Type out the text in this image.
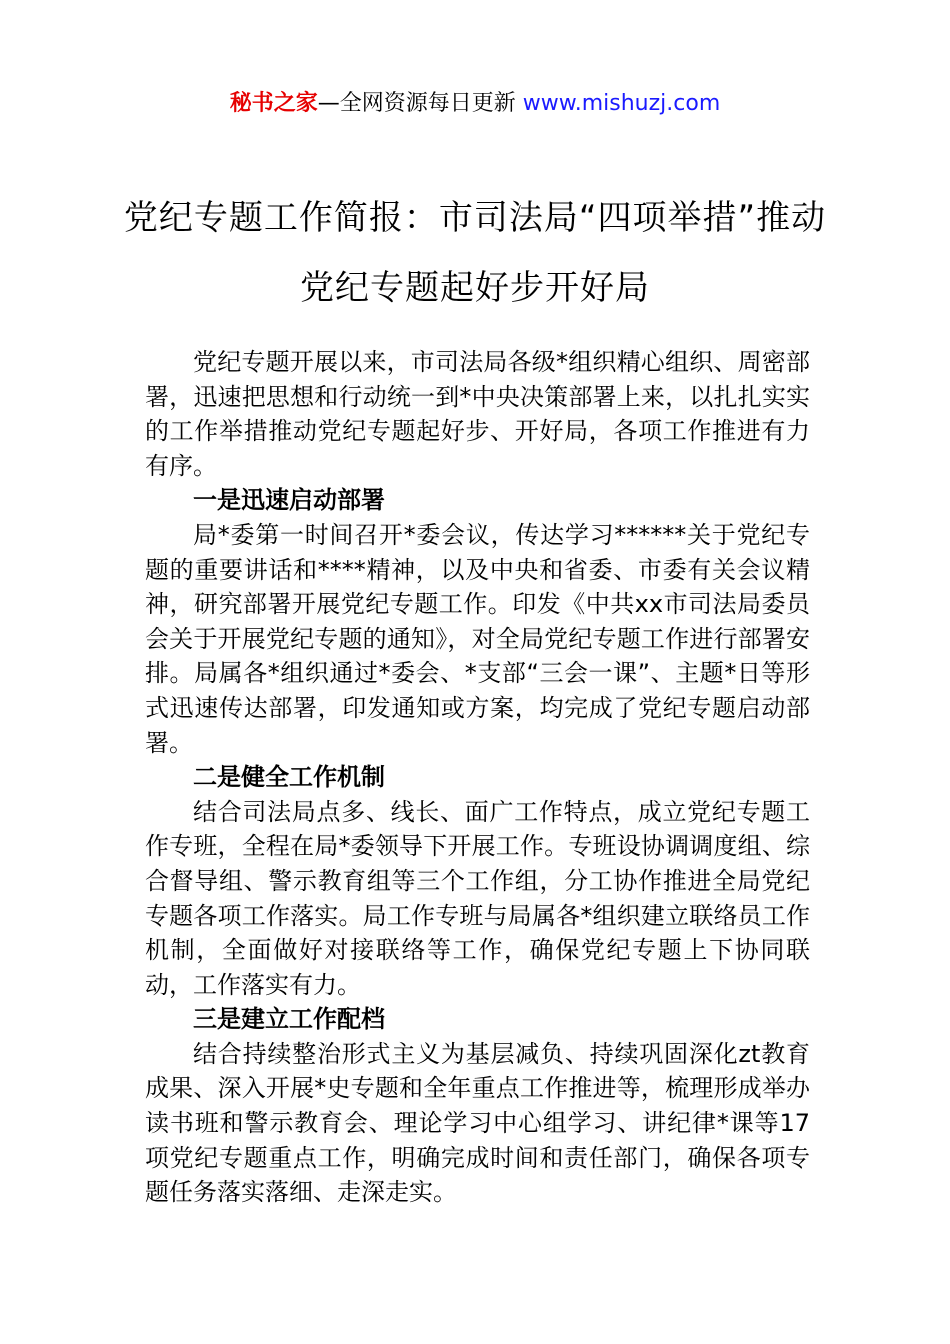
秘书之家—全网资源每日更新 www.mishuzj.com
党纪专题工作简报：市司法局“四项举措”推动党纪专题起好步开好局

党纪专题开展以来，市司法局各级*组织精心组织、周密部署，迅速把思想和行动统一到*中央决策部署上来，以扎扎实实的工作举措推动党纪专题起好步、开好局，各项工作推进有力有序。

一是迅速启动部署

局*委第一时间召开*委会议，传达学习******关于党纪专题的重要讲话和****精神，以及中央和省委、市委有关会议精神，研究部署开展党纪专题工作。印发《中共xx市司法局委员会关于开展党纪专题的通知》，对全局党纪专题工作进行部署安排。局属各*组织通过*委会、*支部“三会一课”、主题*日等形式迅速传达部署，印发通知或方案，均完成了党纪专题启动部署。

二是健全工作机制

结合司法局点多、线长、面广工作特点，成立党纪专题工作专班，全程在局*委领导下开展工作。专班设协调调度组、综合督导组、警示教育组等三个工作组，分工协作推进全局党纪专题各项工作落实。局工作专班与局属各*组织建立联络员工作机制，全面做好对接联络等工作，确保党纪专题上下协同联动，工作落实有力。

三是建立工作配档

结合持续整治形式主义为基层减负、持续巩固深化zt教育成果、深入开展*史专题和全年重点工作推进等，梳理形成举办读书班和警示教育会、理论学习中心组学习、讲纪律*课等17项党纪专题重点工作，明确完成时间和责任部门，确保各项专题任务落实落细、走深走实。
